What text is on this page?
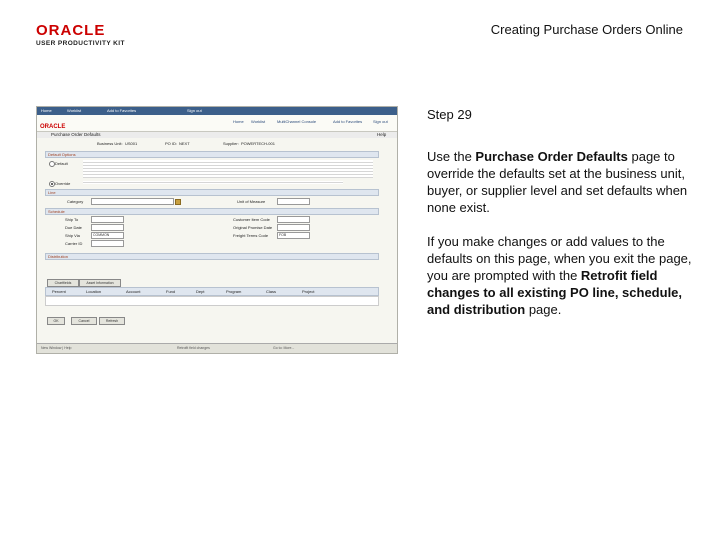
ORACLE
USER PRODUCTIVITY KIT
Creating Purchase Orders Online
Home	Worklist	Add to Favorites	Sign out
ORACLE
Home Worklist	MultiChannel Console	Add to Favorites	Sign out
Purchase Order Defaults	Help
Business Unit: US001	PO ID: NEXT	Supplier: POWERTECH-001
Default Options
Default
Override
Line
Category	Unit of Measure
Schedule
Ship To
Due Date
Ship Via	COMMON
Carrier ID
Customer Item Code
Original Promise Date
Freight Terms Code	FOB
Distribution
Chartfields	Asset Information
Percent	Location	Account	Fund	Dept	Program	Class	Project
OK	Cancel	Refresh
New Window | Help	Retrofit field changes	Go to: More...
Step 29

Use the Purchase Order Defaults page to override the defaults set at the business unit, buyer, or supplier level and set defaults when none exist.

If you make changes or add values to the defaults on this page, when you exit the page, you are prompted with the Retrofit field changes to all existing PO line, schedule, and distribution page.
